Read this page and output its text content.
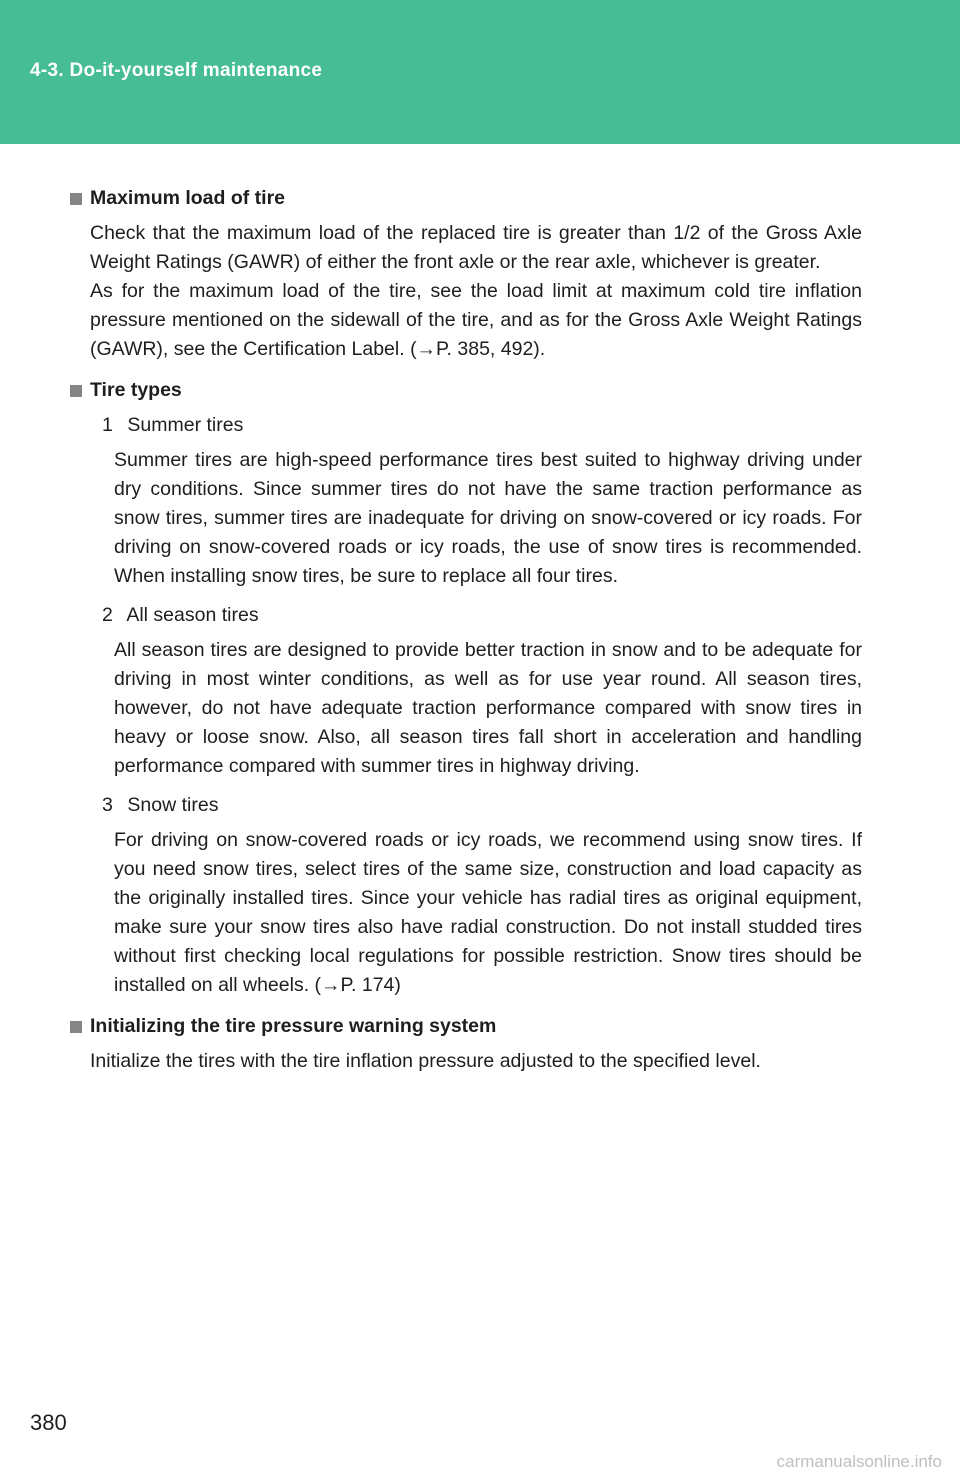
4-3. Do-it-yourself maintenance
Maximum load of tire

Check that the maximum load of the replaced tire is greater than 1/2 of the Gross Axle Weight Ratings (GAWR) of either the front axle or the rear axle, whichever is greater.

As for the maximum load of the tire, see the load limit at maximum cold tire inflation pressure mentioned on the sidewall of the tire, and as for the Gross Axle Weight Ratings (GAWR), see the Certification Label. (→P. 385, 492).

Tire types
1 Summer tires

Summer tires are high-speed performance tires best suited to highway driving under dry conditions. Since summer tires do not have the same traction performance as snow tires, summer tires are inadequate for driving on snow-covered or icy roads. For driving on snow-covered roads or icy roads, the use of snow tires is recommended. When installing snow tires, be sure to replace all four tires.

2 All season tires

All season tires are designed to provide better traction in snow and to be adequate for driving in most winter conditions, as well as for use year round. All season tires, however, do not have adequate traction performance compared with snow tires in heavy or loose snow. Also, all season tires fall short in acceleration and handling performance compared with summer tires in highway driving.

3 Snow tires

For driving on snow-covered roads or icy roads, we recommend using snow tires. If you need snow tires, select tires of the same size, construction and load capacity as the originally installed tires. Since your vehicle has radial tires as original equipment, make sure your snow tires also have radial construction. Do not install studded tires without first checking local regulations for possible restriction. Snow tires should be installed on all wheels. (→P. 174)

Initializing the tire pressure warning system

Initialize the tires with the tire inflation pressure adjusted to the specified level.

380
carmanualsonline.info
